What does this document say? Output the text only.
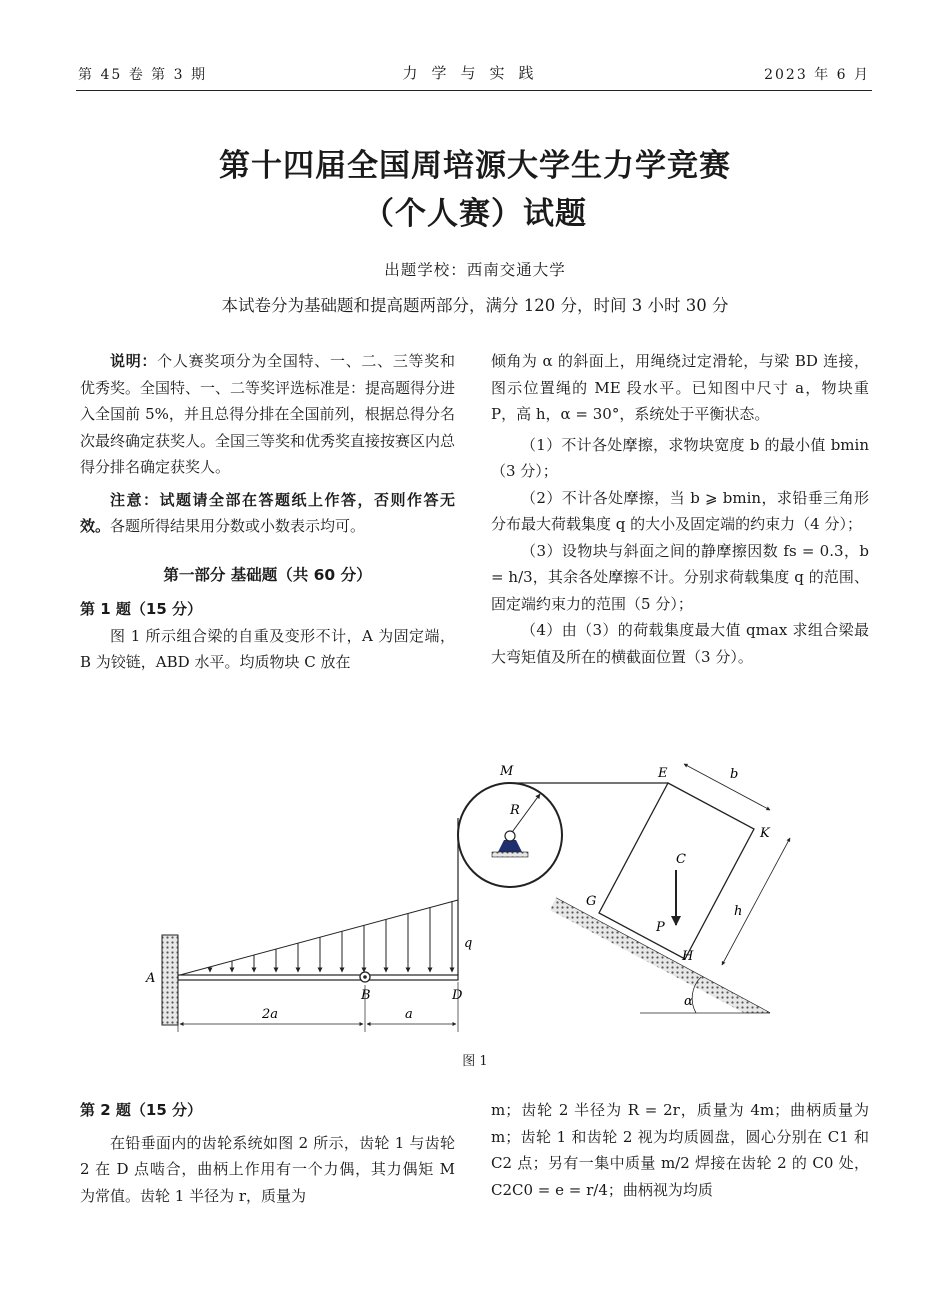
第 45 卷 第 3 期	力学与实践	2023 年 6 月
第十四届全国周培源大学生力学竞赛
（个人赛）试题
出题学校：西南交通大学
本试卷分为基础题和提高题两部分，满分 120 分，时间 3 小时 30 分

说明：个人赛奖项分为全国特、一、二、三等奖和优秀奖。全国特、一、二等奖评选标准是：提高题得分进入全国前 5%，并且总得分排在全国前列，根据总得分名次最终确定获奖人。全国三等奖和优秀奖直接按赛区内总得分排名确定获奖人。

注意：试题请全部在答题纸上作答，否则作答无效。各题所得结果用分数或小数表示均可。

第一部分 基础题（共 60 分）

第 1 题（15 分）

图 1 所示组合梁的自重及变形不计，A 为固定端，B 为铰链，ABD 水平。均质物块 C 放在

倾角为 α 的斜面上，用绳绕过定滑轮，与梁 BD 连接，图示位置绳的 ME 段水平。已知图中尺寸 a，物块重 P，高 h，α = 30°，系统处于平衡状态。

（1）不计各处摩擦，求物块宽度 b 的最小值 bmin（3 分）；

（2）不计各处摩擦，当 b ⩾ bmin，求铅垂三角形分布最大荷载集度 q 的大小及固定端的约束力（4 分）；

（3）设物块与斜面之间的静摩擦因数 fs = 0.3，b = h/3，其余各处摩擦不计。分别求荷载集度 q 的范围、固定端约束力的范围（5 分）；

（4）由（3）的荷载集度最大值 qmax 求组合梁最大弯矩值及所在的横截面位置（3 分）。

M	E	b
R
K
C
G
P
h
q
H
A
B	D	α
2a	a
图 1

第 2 题（15 分）

在铅垂面内的齿轮系统如图 2 所示，齿轮 1 与齿轮 2 在 D 点啮合，曲柄上作用有一个力偶，其力偶矩 M 为常值。齿轮 1 半径为 r，质量为

m；齿轮 2 半径为 R = 2r，质量为 4m；曲柄质量为 m；齿轮 1 和齿轮 2 视为均质圆盘，圆心分别在 C1 和 C2 点；另有一集中质量 m/2 焊接在齿轮 2 的 C0 处，C2C0 = e = r/4；曲柄视为均质
